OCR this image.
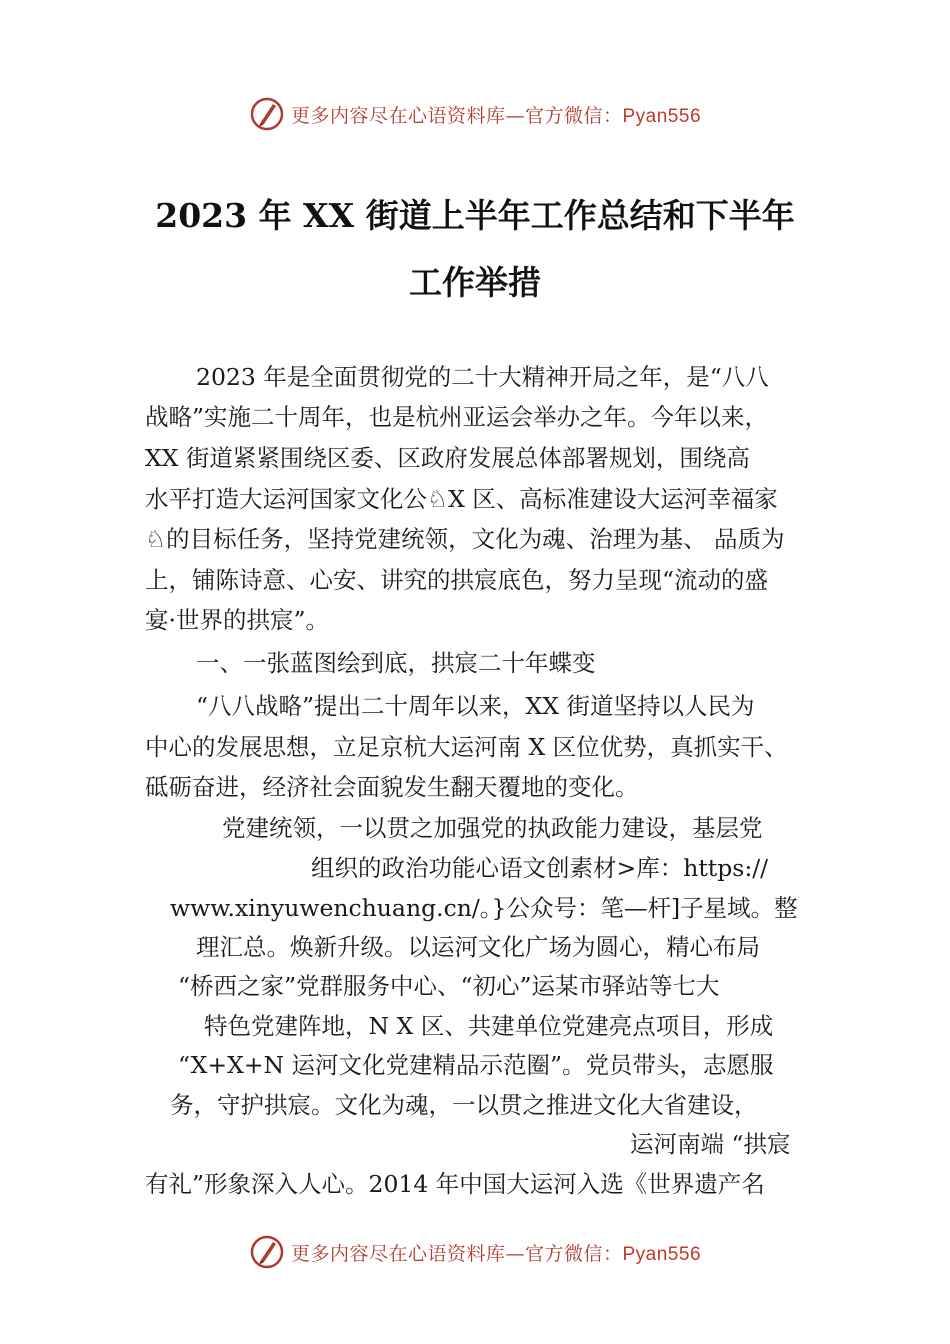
更多内容尽在心语资料库—官方微信：Pyan556
2023 年 XX 街道上半年工作总结和下半年
工作举措
2023 年是全面贯彻党的二十大精神开局之年，是“八八
战略”实施二十周年，也是杭州亚运会举办之年。今年以来，
XX 街道紧紧围绕区委、区政府发展总体部署规划，围绕高
水平打造大运河国家文化公♘X 区、高标准建设大运河幸福家
♘的目标任务，坚持党建统领，文化为魂、治理为基、 品质为
上，铺陈诗意、心安、讲究的拱宸底色，努力呈现“流动的盛
宴·世界的拱宸”。
一、一张蓝图绘到底，拱宸二十年蝶变
“八八战略”提出二十周年以来，XX 街道坚持以人民为
中心的发展思想，立足京杭大运河南 X 区位优势，真抓实干、
砥砺奋进，经济社会面貌发生翻天覆地的变化。
党建统领，一以贯之加强党的执政能力建设，基层党
组织的政治功能心语文创素材>库：https://
www.xinyuwenchuang.cn/。}公众号：笔—杆]子星域。整
理汇总。焕新升级。以运河文化广场为圆心，精心布局
“桥西之家”党群服务中心、“初心”运某市驿站等七大
特色党建阵地，N X 区、共建单位党建亮点项目，形成
“X+X+N 运河文化党建精品示范圈”。党员带头，志愿服
务，守护拱宸。文化为魂，一以贯之推进文化大省建设，
运河南端 “拱宸
有礼”形象深入人心。2014 年中国大运河入选《世界遗产名
更多内容尽在心语资料库—官方微信：Pyan556
